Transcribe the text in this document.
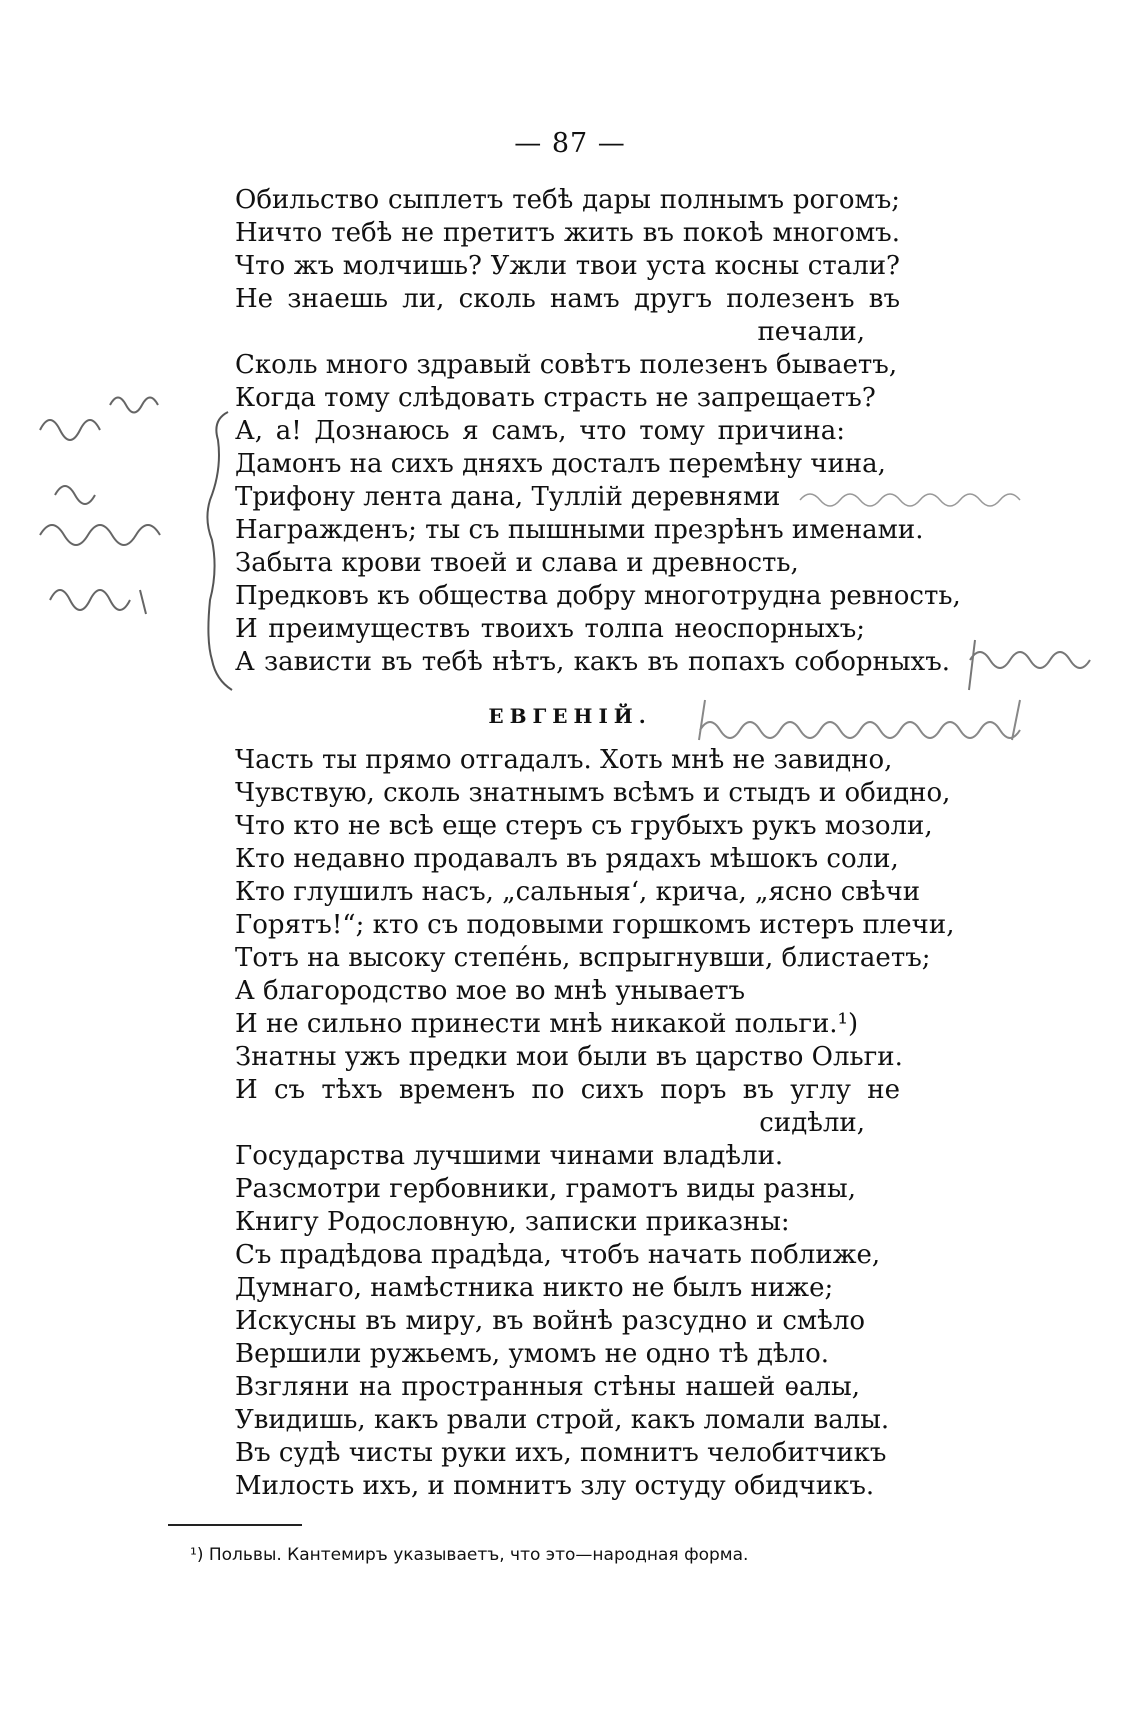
— 87 —
Обильство сыплетъ тебѣ дары полнымъ рогомъ;
Ничто тебѣ не претитъ жить въ покоѣ многомъ.
Что жъ молчишь? Ужли твои уста косны стали?
Не знаешь ли, сколь намъ другъ полезенъ въ
печали,
Сколь много здравый совѣтъ полезенъ бываетъ,
Когда тому слѣдовать страсть не запрещаетъ?
А, а! Дознаюсь я самъ, что тому причина:
Дамонъ на сихъ дняхъ досталъ перемѣну чина,
Трифону лента дана, Туллій деревнями
Награжденъ; ты съ пышными презрѣнъ именами.
Забыта крови твоей и слава и древность,
Предковъ къ общества добру многотрудна ревность,
И преимуществъ твоихъ толпа неоспорныхъ;
А зависти въ тебѣ нѣтъ, какъ въ попахъ соборныхъ.
ЕВГЕНІЙ.
Часть ты прямо отгадалъ. Хоть мнѣ не завидно,
Чувствую, сколь знатнымъ всѣмъ и стыдъ и обидно,
Что кто не всѣ еще стеръ съ грубыхъ рукъ мозоли,
Кто недавно продавалъ въ рядахъ мѣшокъ соли,
Кто глушилъ насъ, „сальныя‘, крича, „ясно свѣчи
Горятъ!“; кто съ подовыми горшкомъ истеръ плечи,
Тотъ на высоку степе́нь, вспрыгнувши, блистаетъ;
А благородство мое во мнѣ унываетъ
И не сильно принести мнѣ никакой польги.¹)
Знатны ужъ предки мои были въ царство Ольги.
И съ тѣхъ временъ по сихъ поръ въ углу не
сидѣли,
Государства лучшими чинами владѣли.
Разсмотри гербовники, грамотъ виды разны,
Книгу Родословную, записки приказны:
Съ прадѣдова прадѣда, чтобъ начать поближе,
Думнаго, намѣстника никто не былъ ниже;
Искусны въ миру, въ войнѣ разсудно и смѣло
Вершили ружьемъ, умомъ не одно тѣ дѣло.
Взгляни на пространныя стѣны нашей ѳалы,
Увидишь, какъ рвали строй, какъ ломали валы.
Въ судѣ чисты руки ихъ, помнитъ челобитчикъ
Милость ихъ, и помнитъ злу остуду обидчикъ.
¹) Польвы. Кантемиръ указываетъ, что это—народная форма.
